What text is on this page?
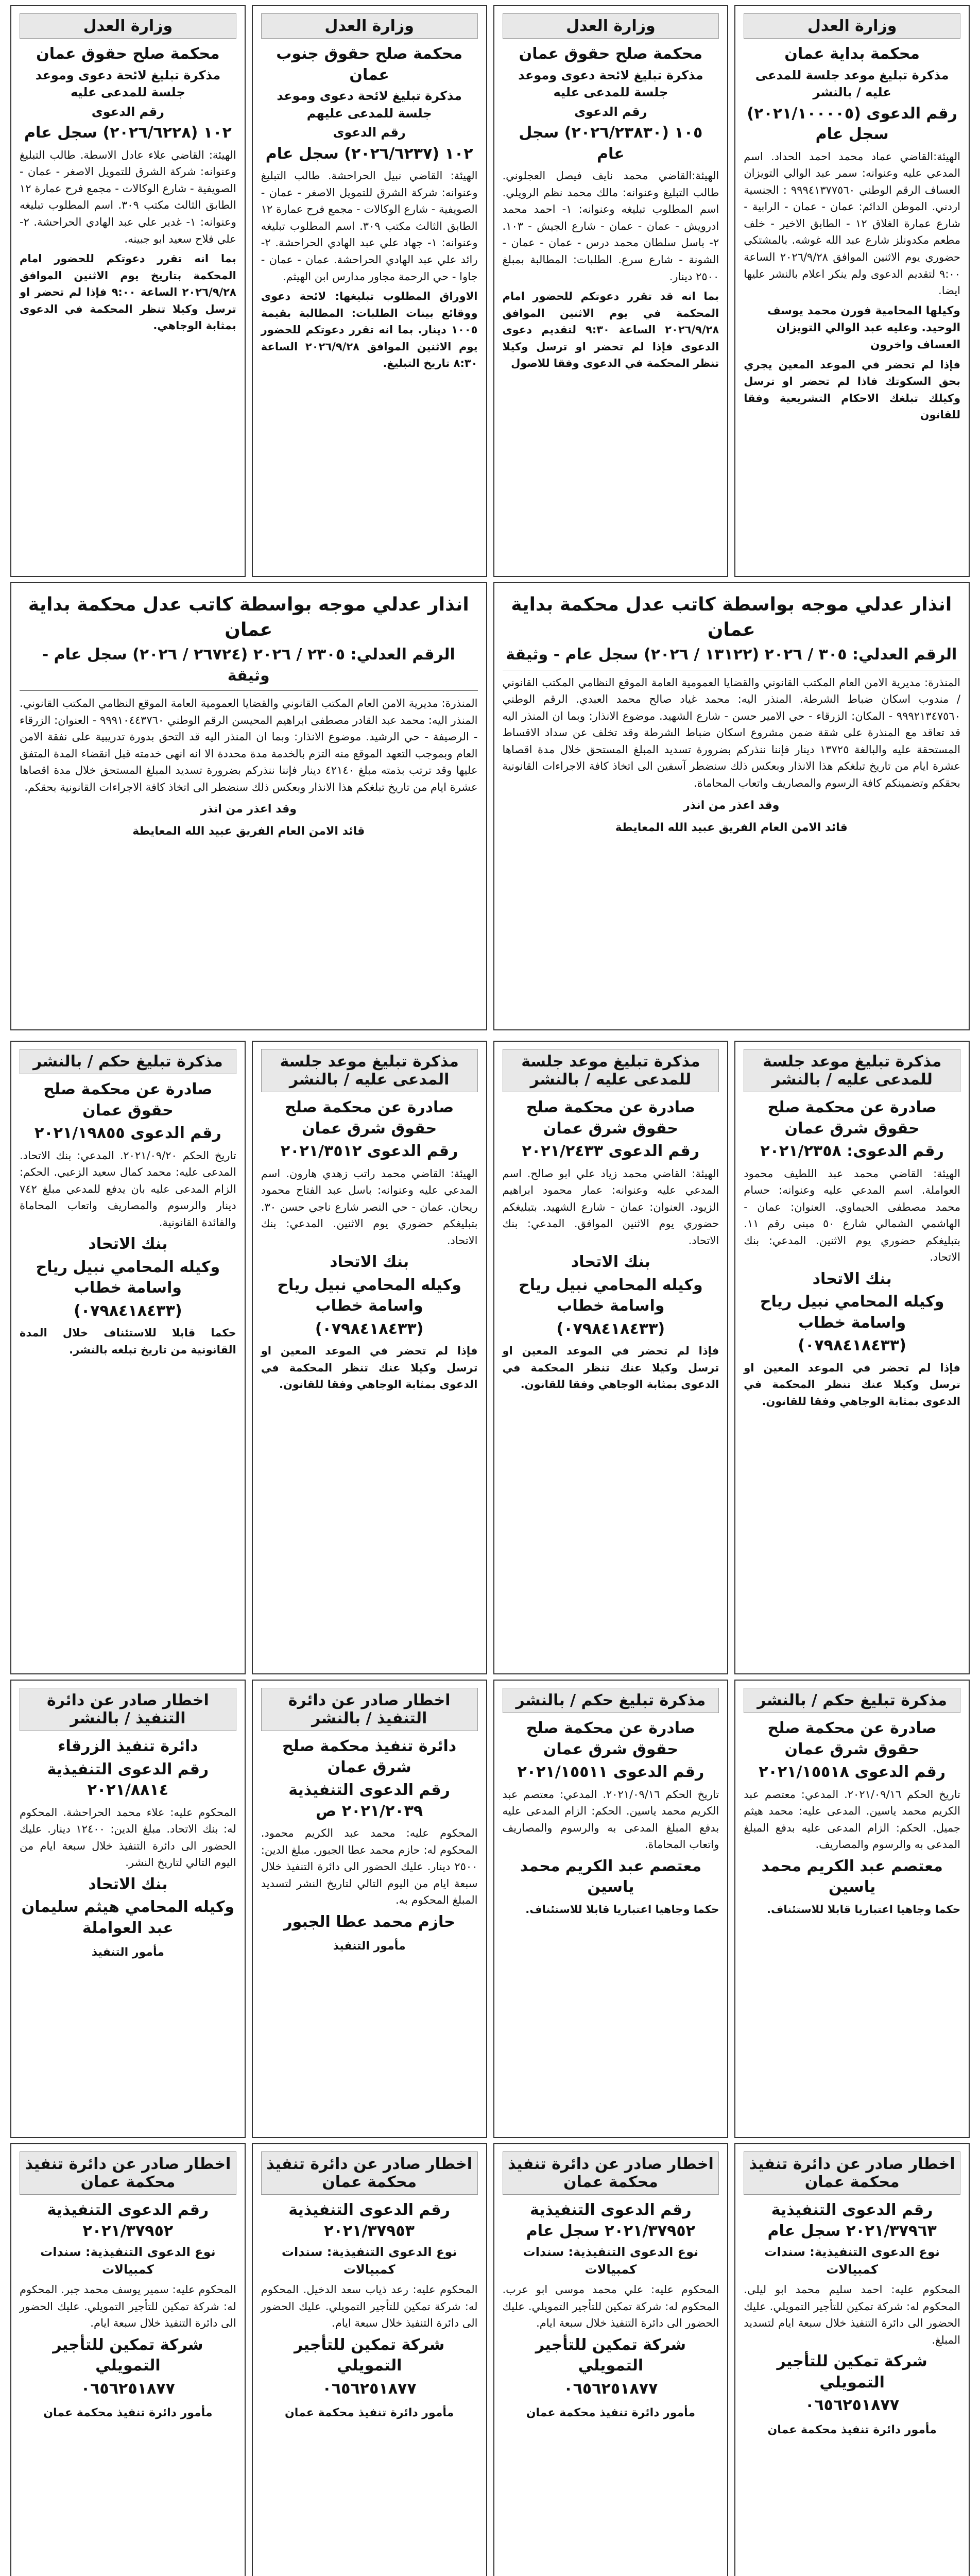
وزارة العدل
محكمة بداية عمان
مذكرة تبليغ موعد جلسة للمدعى عليه / بالنشر
رقم الدعوى (٢٠٢١/١٠٠٠٠٥) سجل عام
الهيئة:القاضي عماد محمد احمد الحداد. اسم المدعي عليه وعنوانه: سمر عبد الوالي التويزان العساف الرقم الوطني ٩٩٩٤١٣٧٧٥٦٠ : الجنسية اردني. الموطن الدائم: عمان - عمان - الرابية - شارع عمارة الغلاق ١٢ - الطابق الاخير - خلف مطعم مكدونلز شارع عبد الله غوشه. بالمشتكي حضوري يوم الاثنين الموافق ٢٠٢٦/٩/٢٨ الساعة ٩:٠٠ لتقديم الدعوى ولم ينكر اعلام بالنشر عليها ايضا.
وكيلها المحامية فورن محمد يوسف الوحيد. وعليه عبد الوالي التويزان العساف واخرون
فإذا لم تحضر في الموعد المعين يجري بحق السكوتك فاذا لم تحضر او ترسل وكيلك تبلغك الاحكام التشريعية وفقا للقانون
وزارة العدل
محكمة صلح حقوق عمان
مذكرة تبليغ لائحة دعوى وموعد جلسة للمدعى عليه
رقم الدعوى
١٠٥ (٢٠٢٦/٢٣٨٣٠) سجل عام
الهيئة:القاضي محمد نايف فيصل العجلوني. طالب التبليغ وعنوانه: مالك محمد نظم الرويلي. اسم المطلوب تبليغه وعنوانه: ١- احمد محمد ادرويش - عمان - عمان - شارع الجيش - ١٠٣. ٢- باسل سلطان محمد درس - عمان - عمان - الشونة - شارع سرع. الطلبات: المطالبة بمبلغ ٢٥٠٠ دينار.
بما انه قد تقرر دعوتكم للحضور امام المحكمة في يوم الاثنين الموافق ٢٠٢٦/٩/٢٨ الساعة ٩:٣٠ لتقديم دعوى الدعوى فإذا لم تحضر او ترسل وكيلا تنظر المحكمة في الدعوى وفقا للاصول
وزارة العدل
محكمة صلح حقوق جنوب عمان
مذكرة تبليغ لائحة دعوى وموعد جلسة للمدعى عليهم
رقم الدعوى
١٠٢ (٢٠٢٦/٦٢٣٧) سجل عام
الهيئة: القاضي نبيل الحراحشة. طالب التبليغ وعنوانه: شركة الشرق للتمويل الاصغر - عمان - الصويفية - شارع الوكالات - مجمع فرح عمارة ١٢ الطابق الثالث مكتب ٣٠٩. اسم المطلوب تبليغه وعنوانه: ١- جهاد علي عبد الهادي الحراحشة. ٢- رائد علي عبد الهادي الحراحشة. عمان - عمان - جاوا - حي الرحمة مجاور مدارس ابن الهيثم.
الاوراق المطلوب تبليغها: لائحة دعوى ووقائع بينات الطلبات: المطالبة بقيمة ١٠٠٥ دينار. بما انه تقرر دعوتكم للحضور يوم الاثنين الموافق ٢٠٢٦/٩/٢٨ الساعة ٨:٣٠ تاريخ التبليغ.
وزارة العدل
محكمة صلح حقوق عمان
مذكرة تبليغ لائحة دعوى وموعد جلسة للمدعى عليه
رقم الدعوى
١٠٢ (٢٠٢٦/٦٢٢٨) سجل عام
الهيئة: القاضي علاء عادل الاسطة. طالب التبليغ وعنوانه: شركة الشرق للتمويل الاصغر - عمان - الصويفية - شارع الوكالات - مجمع فرح عمارة ١٢ الطابق الثالث مكتب ٣٠٩. اسم المطلوب تبليغه وعنوانه: ١- غدير علي عبد الهادي الحراحشة. ٢- علي فلاح سعيد ابو جبينه.
بما انه تقرر دعوتكم للحضور امام المحكمة بتاريخ يوم الاثنين الموافق ٢٠٢٦/٩/٢٨ الساعة ٩:٠٠ فإذا لم تحضر او ترسل وكيلا تنظر المحكمة في الدعوى بمثابة الوجاهي.
انذار عدلي موجه بواسطة كاتب عدل محكمة بداية عمان
الرقم العدلي: ٣٠٥ / ٢٠٢٦ (١٣١٢٢ / ٢٠٢٦) سجل عام - وثيقة
المنذرة: مديرية الامن العام المكتب القانوني والقضايا العمومية العامة الموقع النظامي المكتب القانوني / مندوب اسكان ضباط الشرطة. المنذر اليه: محمد غياد صالح محمد العبدي. الرقم الوطني ٩٩٩٢١٣٤٧٥٦٠ - المكان: الزرقاء - حي الامير حسن - شارع الشهيد. موضوع الانذار: وبما ان المنذر اليه قد تعاقد مع المنذرة على شقة ضمن مشروع اسكان ضباط الشرطة وقد تخلف عن سداد الاقساط المستحقة عليه والبالغة ١٣٧٢٥ دينار فإننا ننذركم بضرورة تسديد المبلغ المستحق خلال مدة اقصاها عشرة ايام من تاريخ تبلغكم هذا الانذار وبعكس ذلك سنضطر آسفين الى اتخاذ كافة الاجراءات القانونية بحقكم وتضمينكم كافة الرسوم والمصاريف واتعاب المحاماة.
وقد اعذر من انذر
قائد الامن العام الفريق عبيد الله المعايطة
انذار عدلي موجه بواسطة كاتب عدل محكمة بداية عمان
الرقم العدلي: ٢٣٠٥ / ٢٠٢٦ (٢٦٧٢٤ / ٢٠٢٦) سجل عام - وثيقة
المنذرة: مديرية الامن العام المكتب القانوني والقضايا العمومية العامة الموقع النظامي المكتب القانوني. المنذر اليه: محمد عبد القادر مصطفى ابراهيم المحيسن الرقم الوطني ٩٩٩١٠٤٤٣٧٦٠ - العنوان: الزرقاء - الرصيفة - حي الرشيد. موضوع الانذار: وبما ان المنذر اليه قد التحق بدورة تدريبية على نفقة الامن العام وبموجب التعهد الموقع منه التزم بالخدمة مدة محددة الا انه انهى خدمته قبل انقضاء المدة المتفق عليها وقد ترتب بذمته مبلغ ٤٢١٤٠ دينار فإننا ننذركم بضرورة تسديد المبلغ المستحق خلال مدة اقصاها عشرة ايام من تاريخ تبلغكم هذا الانذار وبعكس ذلك سنضطر الى اتخاذ كافة الاجراءات القانونية بحقكم.
وقد اعذر من انذر
قائد الامن العام الفريق عبيد الله المعايطة
مذكرة تبليغ موعد جلسة للمدعى عليه / بالنشر
صادرة عن محكمة صلح حقوق شرق عمان
رقم الدعوى: ٢٠٢١/٢٣٥٨
الهيئة: القاضي محمد عبد اللطيف محمود العواملة. اسم المدعي عليه وعنوانه: حسام محمد مصطفى الحيماوي. العنوان: عمان - الهاشمي الشمالي شارع ٥٠ مبنى رقم ١١. بتبليغكم حضوري يوم الاثنين. المدعي: بنك الاتحاد.
بنك الاتحاد
وكيله المحامي نبيل رياح واسامة خطاب
(٠٧٩٨٤١٨٤٣٣)
فإذا لم تحضر في الموعد المعين او ترسل وكيلا عنك تنظر المحكمة في الدعوى بمثابة الوجاهي وفقا للقانون.
مذكرة تبليغ موعد جلسة للمدعى عليه / بالنشر
صادرة عن محكمة صلح حقوق شرق عمان
رقم الدعوى ٢٠٢١/٢٤٣٣
الهيئة: القاضي محمد زياد علي ابو صالح. اسم المدعي عليه وعنوانه: عمار محمود ابراهيم الزيود. العنوان: عمان - شارع الشهيد. بتبليغكم حضوري يوم الاثنين الموافق. المدعي: بنك الاتحاد.
بنك الاتحاد
وكيله المحامي نبيل رياح واسامة خطاب
(٠٧٩٨٤١٨٤٣٣)
فإذا لم تحضر في الموعد المعين او ترسل وكيلا عنك تنظر المحكمة في الدعوى بمثابة الوجاهي وفقا للقانون.
مذكرة تبليغ موعد جلسة المدعى عليه / بالنشر
صادرة عن محكمة صلح حقوق شرق عمان
رقم الدعوى ٢٠٢١/٣٥١٢
الهيئة: القاضي محمد راتب زهدي هارون. اسم المدعي عليه وعنوانه: باسل عبد الفتاح محمود ريحان. عمان - حي النصر شارع ناجي حسن ٣٠. بتبليغكم حضوري يوم الاثنين. المدعي: بنك الاتحاد.
بنك الاتحاد
وكيله المحامي نبيل رياح واسامة خطاب
(٠٧٩٨٤١٨٤٣٣)
فإذا لم تحضر في الموعد المعين او ترسل وكيلا عنك تنظر المحكمة في الدعوى بمثابة الوجاهي وفقا للقانون.
مذكرة تبليغ حكم / بالنشر
صادرة عن محكمة صلح حقوق عمان
رقم الدعوى ٢٠٢١/١٩٨٥٥
تاريخ الحكم ٢٠٢١/٠٩/٢٠. المدعي: بنك الاتحاد. المدعى عليه: محمد كمال سعيد الزعبي. الحكم: الزام المدعى عليه بان يدفع للمدعي مبلغ ٧٤٢ دينار والرسوم والمصاريف واتعاب المحاماة والفائدة القانونية.
بنك الاتحاد
وكيله المحامي نبيل رياح واسامة خطاب
(٠٧٩٨٤١٨٤٣٣)
حكما قابلا للاستئناف خلال المدة القانونية من تاريخ تبلغه بالنشر.
مذكرة تبليغ حكم / بالنشر
صادرة عن محكمة صلح حقوق شرق عمان
رقم الدعوى ٢٠٢١/١٥٥١٨
تاريخ الحكم ٢٠٢١/٠٩/١٦. المدعي: معتصم عبد الكريم محمد ياسين. المدعى عليه: محمد هيثم جميل. الحكم: الزام المدعى عليه بدفع المبلغ المدعى به والرسوم والمصاريف.
معتصم عبد الكريم محمد ياسين
حكما وجاهيا اعتباريا قابلا للاستئناف.
مذكرة تبليغ حكم / بالنشر
صادرة عن محكمة صلح حقوق شرق عمان
رقم الدعوى ٢٠٢١/١٥٥١١
تاريخ الحكم ٢٠٢١/٠٩/١٦. المدعي: معتصم عبد الكريم محمد ياسين. الحكم: الزام المدعى عليه بدفع المبلغ المدعى به والرسوم والمصاريف واتعاب المحاماة.
معتصم عبد الكريم محمد ياسين
حكما وجاهيا اعتباريا قابلا للاستئناف.
اخطار صادر عن دائرة التنفيذ / بالنشر
دائرة تنفيذ محكمة صلح شرق عمان
رقم الدعوى التنفيذية ٢٠٢١/٢٠٣٩ ص
المحكوم عليه: محمد عبد الكريم محمود. المحكوم له: حازم محمد عطا الجبور. مبلغ الدين: ٢٥٠٠ دينار. عليك الحضور الى دائرة التنفيذ خلال سبعة ايام من اليوم التالي لتاريخ النشر لتسديد المبلغ المحكوم به.
حازم محمد عطا الجبور
مأمور التنفيذ
اخطار صادر عن دائرة التنفيذ / بالنشر
دائرة تنفيذ الزرقاء
رقم الدعوى التنفيذية ٢٠٢١/٨٨١٤
المحكوم عليه: علاء محمد الحراحشة. المحكوم له: بنك الاتحاد. مبلغ الدين: ١٢٤٠٠ دينار. عليك الحضور الى دائرة التنفيذ خلال سبعة ايام من اليوم التالي لتاريخ النشر.
بنك الاتحاد
وكيله المحامي هيثم سليمان عبد العواملة
مأمور التنفيذ
اخطار صادر عن دائرة تنفيذ محكمة عمان
رقم الدعوى التنفيذية ٢٠٢١/٣٧٩٦٣ سجل عام
نوع الدعوى التنفيذية: سندات كمبيالات
المحكوم عليه: احمد سليم محمد ابو ليلى. المحكوم له: شركة تمكين للتأجير التمويلي. عليك الحضور الى دائرة التنفيذ خلال سبعة ايام لتسديد المبلغ.
شركة تمكين للتأجير التمويلي
٠٦٥٦٢٥١٨٧٧
مأمور دائرة تنفيذ محكمة عمان
اخطار صادر عن دائرة تنفيذ محكمة عمان
رقم الدعوى التنفيذية ٢٠٢١/٣٧٩٥٢ سجل عام
نوع الدعوى التنفيذية: سندات كمبيالات
المحكوم عليه: علي محمد موسى ابو عرب. المحكوم له: شركة تمكين للتأجير التمويلي. عليك الحضور الى دائرة التنفيذ خلال سبعة ايام.
شركة تمكين للتأجير التمويلي
٠٦٥٦٢٥١٨٧٧
مأمور دائرة تنفيذ محكمة عمان
اخطار صادر عن دائرة تنفيذ محكمة عمان
رقم الدعوى التنفيذية ٢٠٢١/٣٧٩٥٣
نوع الدعوى التنفيذية: سندات كمبيالات
المحكوم عليه: رعد ذياب سعد الدخيل. المحكوم له: شركة تمكين للتأجير التمويلي. عليك الحضور الى دائرة التنفيذ خلال سبعة ايام.
شركة تمكين للتأجير التمويلي
٠٦٥٦٢٥١٨٧٧
مأمور دائرة تنفيذ محكمة عمان
اخطار صادر عن دائرة تنفيذ محكمة عمان
رقم الدعوى التنفيذية ٢٠٢١/٣٧٩٥٢
نوع الدعوى التنفيذية: سندات كمبيالات
المحكوم عليه: سمير يوسف محمد جبر. المحكوم له: شركة تمكين للتأجير التمويلي. عليك الحضور الى دائرة التنفيذ خلال سبعة ايام.
شركة تمكين للتأجير التمويلي
٠٦٥٦٢٥١٨٧٧
مأمور دائرة تنفيذ محكمة عمان
